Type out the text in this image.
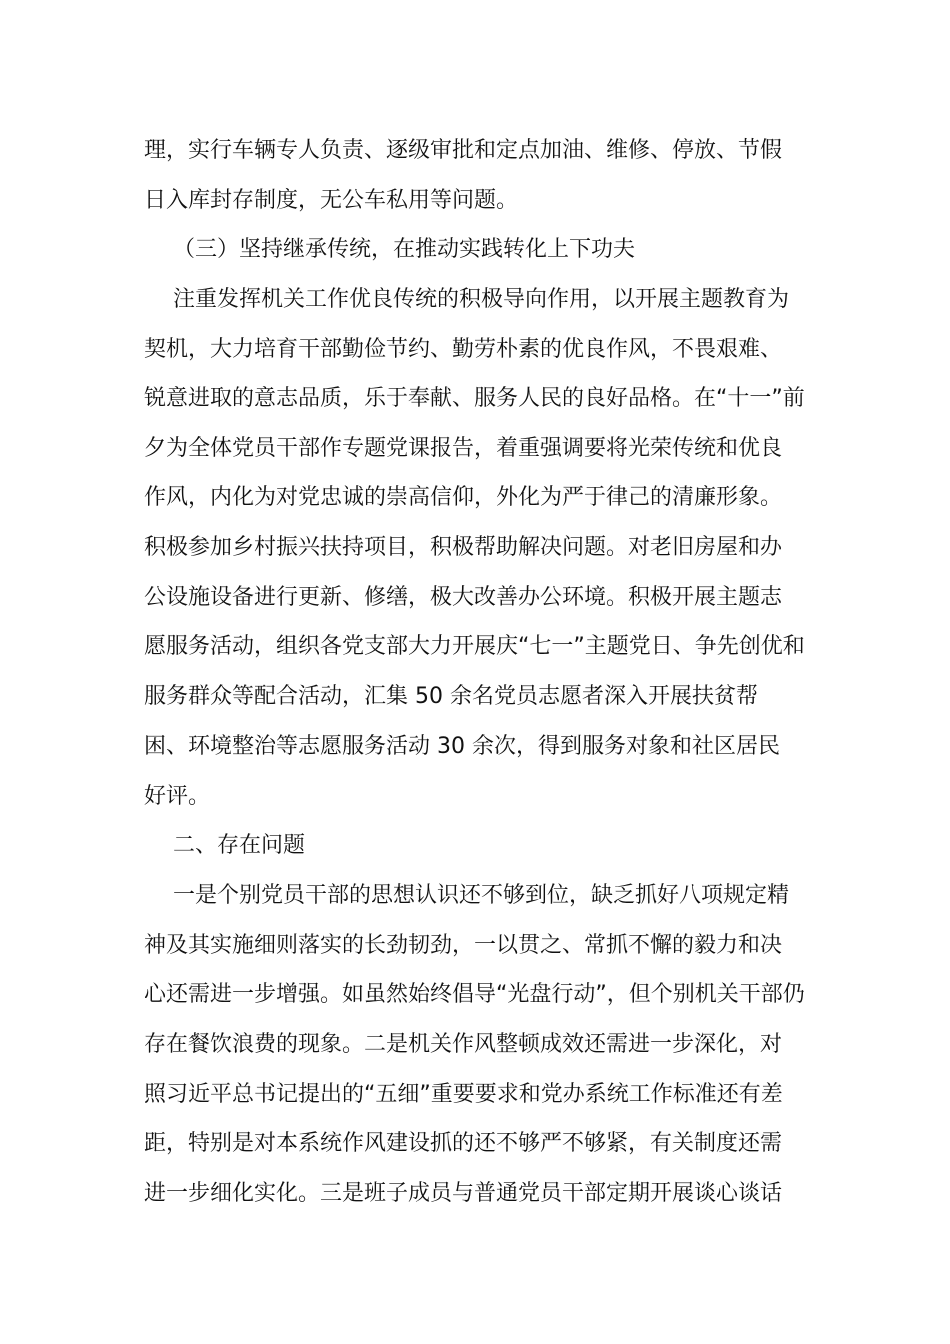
理，实行车辆专人负责、逐级审批和定点加油、维修、停放、节假
日入库封存制度，无公车私用等问题。
（三）坚持继承传统，在推动实践转化上下功夫
注重发挥机关工作优良传统的积极导向作用，以开展主题教育为
契机，大力培育干部勤俭节约、勤劳朴素的优良作风，不畏艰难、
锐意进取的意志品质，乐于奉献、服务人民的良好品格。在“十一”前
夕为全体党员干部作专题党课报告，着重强调要将光荣传统和优良
作风，内化为对党忠诚的崇高信仰，外化为严于律己的清廉形象。
积极参加乡村振兴扶持项目，积极帮助解决问题。对老旧房屋和办
公设施设备进行更新、修缮，极大改善办公环境。积极开展主题志
愿服务活动，组织各党支部大力开展庆“七一”主题党日、争先创优和
服务群众等配合活动，汇集 50 余名党员志愿者深入开展扶贫帮
困、环境整治等志愿服务活动 30 余次，得到服务对象和社区居民
好评。
二、存在问题
一是个别党员干部的思想认识还不够到位，缺乏抓好八项规定精
神及其实施细则落实的长劲韧劲，一以贯之、常抓不懈的毅力和决
心还需进一步增强。如虽然始终倡导“光盘行动”，但个别机关干部仍
存在餐饮浪费的现象。二是机关作风整顿成效还需进一步深化，对
照习近平总书记提出的“五细”重要要求和党办系统工作标准还有差
距，特别是对本系统作风建设抓的还不够严不够紧，有关制度还需
进一步细化实化。三是班子成员与普通党员干部定期开展谈心谈话
